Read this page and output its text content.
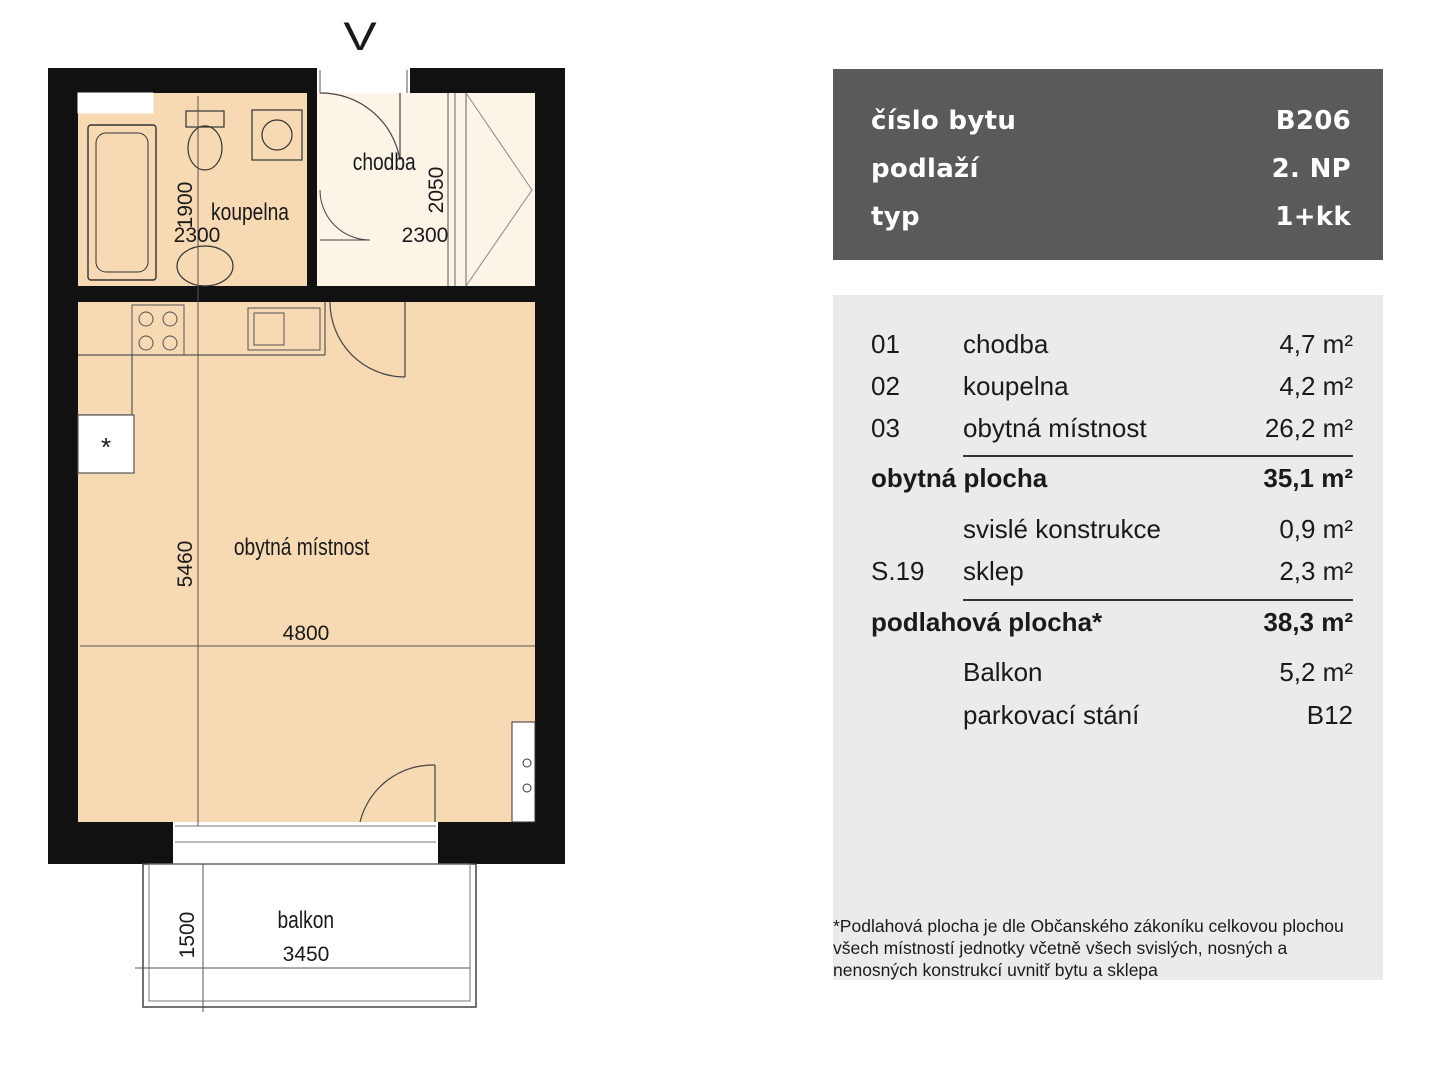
V
*
koupelna
chodba
obytná místnost
balkon
1900
2300
2050
2300
5460
4800
1500	3450
číslo bytu	B206
podlaží	2. NP
typ	1+kk
01 chodba	4,7 m²
02 koupelna	4,2 m²
03 obytná místnost	26,2 m²
obytná plocha	35,1 m²
svislé konstrukce	0,9 m²
S.19 sklep	2,3 m²
podlahová plocha*	38,3 m²
Balkon	5,2 m²
parkovací stání	B12
*Podlahová plocha je dle Občanského zákoníku celkovou plochou všech místností jednotky včetně všech svislých, nosných a nenosných konstrukcí uvnitř bytu a sklepa
